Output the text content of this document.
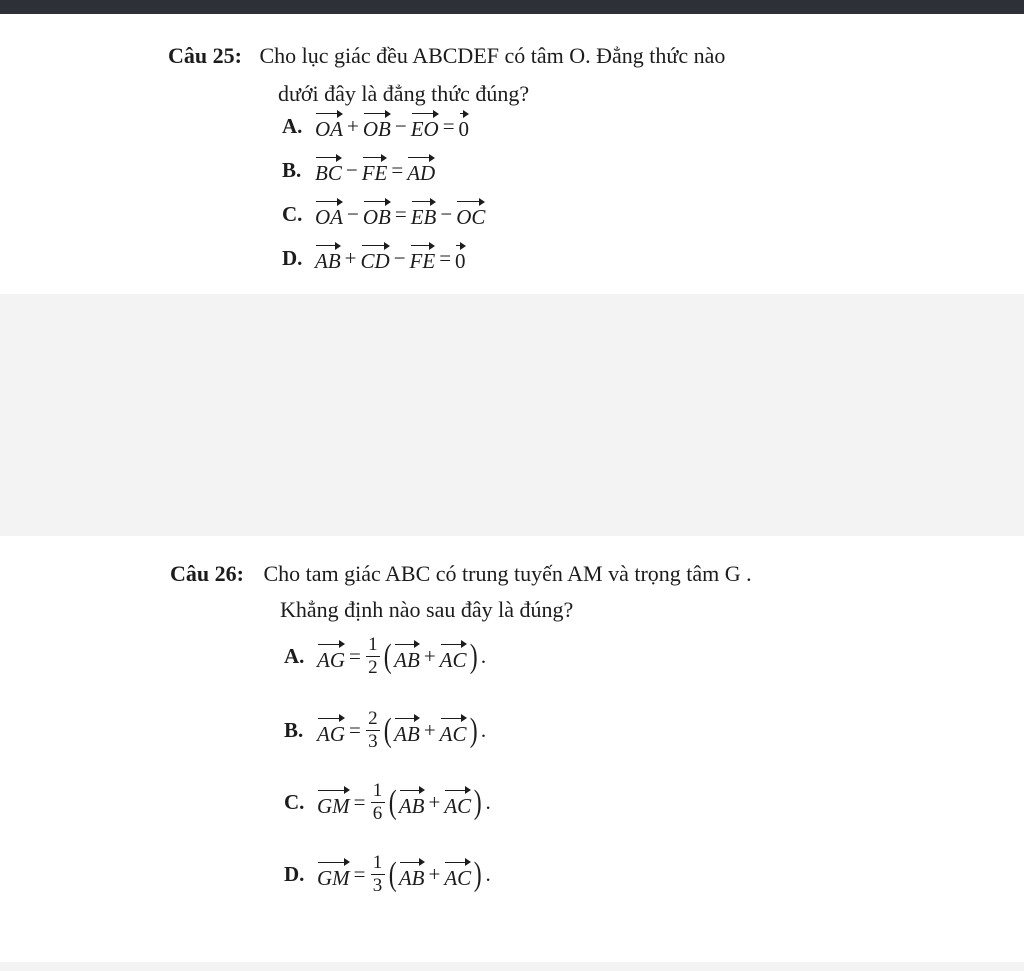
Câu 25: Cho lục giác đều ABCDEF có tâm O. Đẳng thức nào
dưới đây là đẳng thức đúng?
A. OA + OB − EO = 0
B. BC − FE = AD
C. OA − OB = EB − OC
D. AB + CD − FE = 0
Câu 26: Cho tam giác ABC có trung tuyến AM và trọng tâm G .
Khẳng định nào sau đây là đúng?
A. AG = $\frac{1}{2}$ ( AB + AC ) .
B. AG = $\frac{2}{3}$ ( AB + AC ) .
C. GM = $\frac{1}{6}$ ( AB + AC ) .
D. GM = $\frac{1}{3}$ ( AB + AC ) .
